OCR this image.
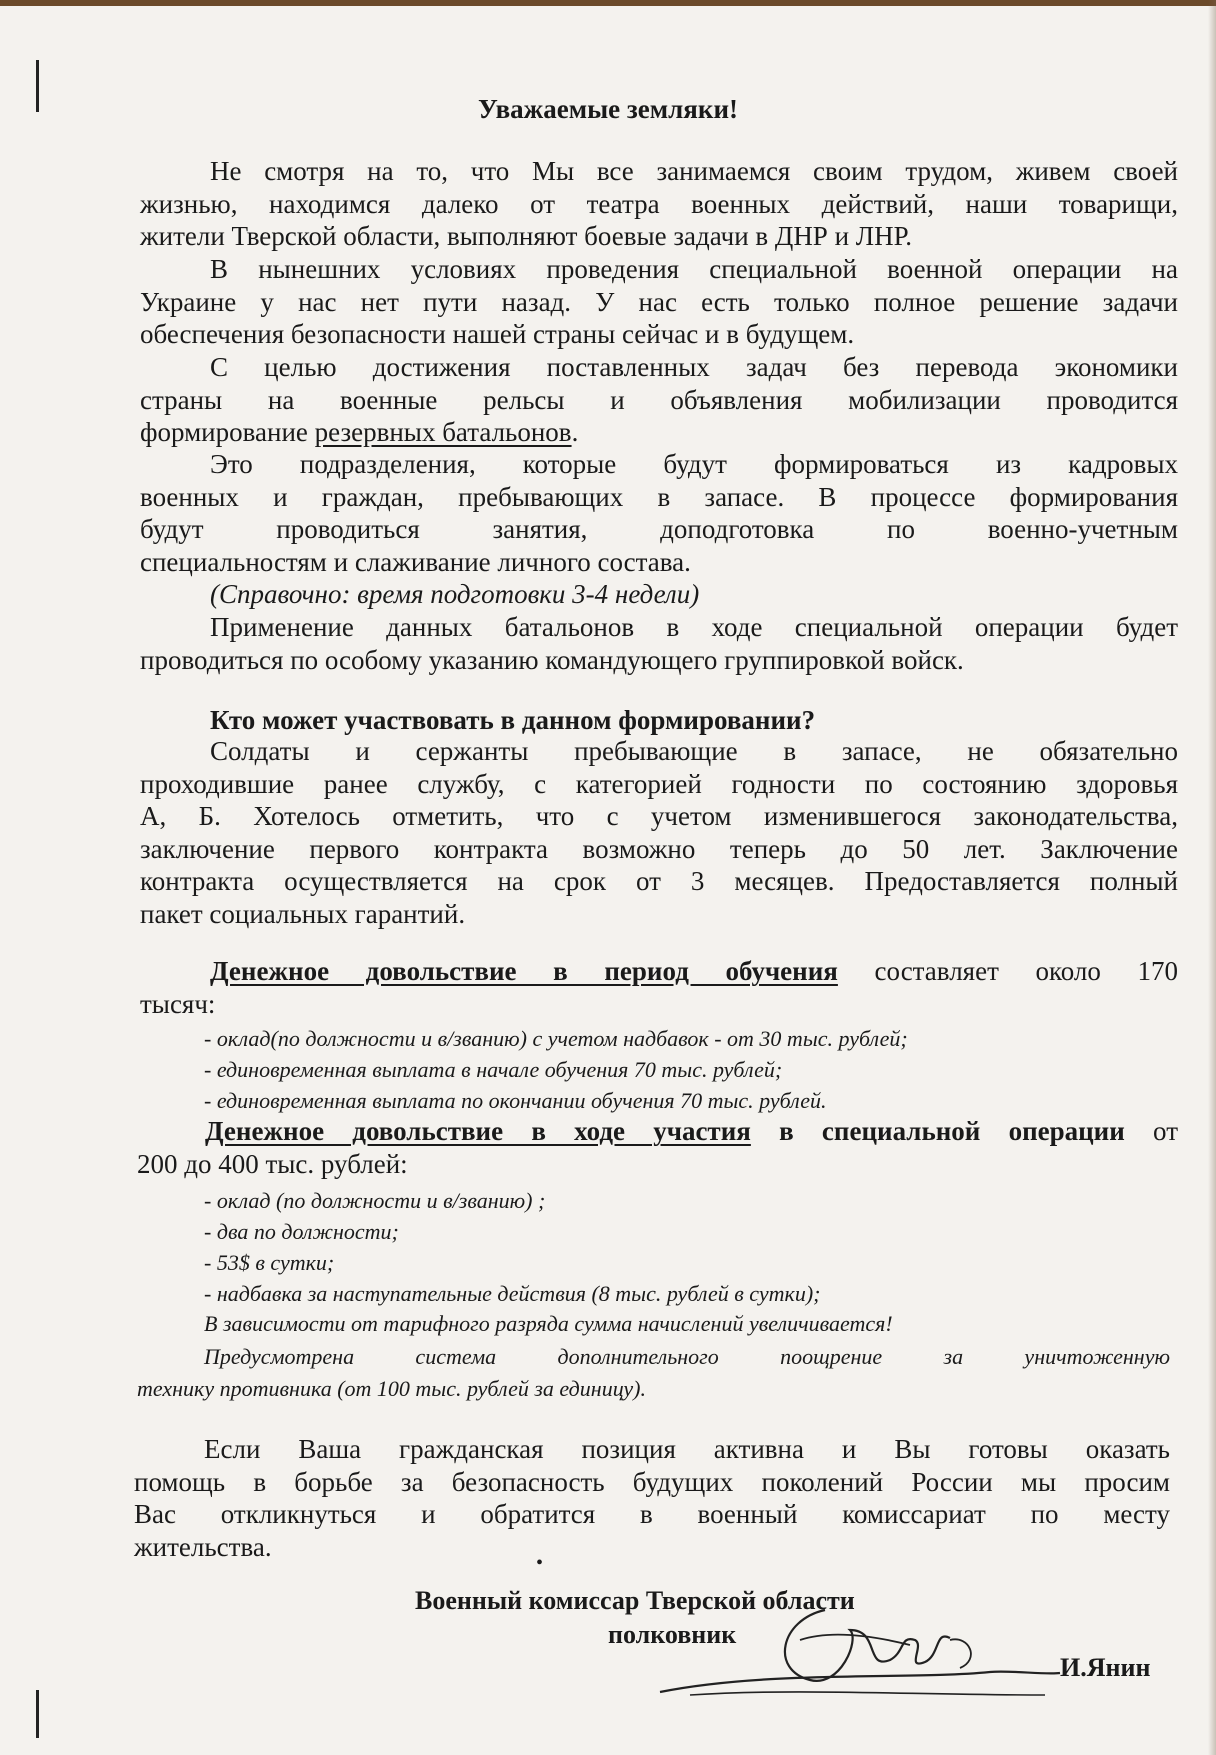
Уважаемые земляки!
Не смотря на то, что Мы все занимаемся своим трудом, живем своей
жизнью, находимся далеко от театра военных действий, наши товарищи,
жители Тверской области, выполняют боевые задачи в ДНР и ЛНР.
В нынешних условиях проведения специальной военной операции на
Украине у нас нет пути назад. У нас есть только полное решение задачи
обеспечения безопасности нашей страны сейчас и в будущем.
С целью достижения поставленных задач без перевода экономики
страны на военные рельсы и объявления мобилизации проводится
формирование резервных батальонов.
Это подразделения, которые будут формироваться из кадровых
военных и граждан, пребывающих в запасе. В процессе формирования
будут проводиться занятия, доподготовка по военно-учетным
специальностям и слаживание личного состава.
(Справочно: время подготовки 3-4 недели)
Применение данных батальонов в ходе специальной операции будет
проводиться по особому указанию командующего группировкой войск.
Кто может участвовать в данном формировании?
Солдаты и сержанты пребывающие в запасе, не обязательно
проходившие ранее службу, с категорией годности по состоянию здоровья
А, Б. Хотелось отметить, что с учетом изменившегося законодательства,
заключение первого контракта возможно теперь до 50 лет. Заключение
контракта осуществляется на срок от 3 месяцев. Предоставляется полный
пакет социальных гарантий.
Денежное довольствие в период обучения составляет около 170
тысяч:
- оклад(по должности и в/званию) с учетом надбавок - от 30 тыс. рублей;
- единовременная выплата в начале обучения 70 тыс. рублей;
- единовременная выплата по окончании обучения 70 тыс. рублей.
Денежное довольствие в ходе участия в специальной операции от
200 до 400 тыс. рублей:
- оклад (по должности и в/званию) ;
- два по должности;
- 53$ в сутки;
- надбавка за наступательные действия (8 тыс. рублей в сутки);
В зависимости от тарифного разряда сумма начислений увеличивается!
Предусмотрена система дополнительного поощрение за уничтоженную
технику противника (от 100 тыс. рублей за единицу).
Если Ваша гражданская позиция активна и Вы готовы оказать
помощь в борьбе за безопасность будущих поколений России мы просим
Вас откликнуться и обратится в военный комиссариат по месту
жительства.
•
Военный комиссар Тверской области
полковник
И.Янин
